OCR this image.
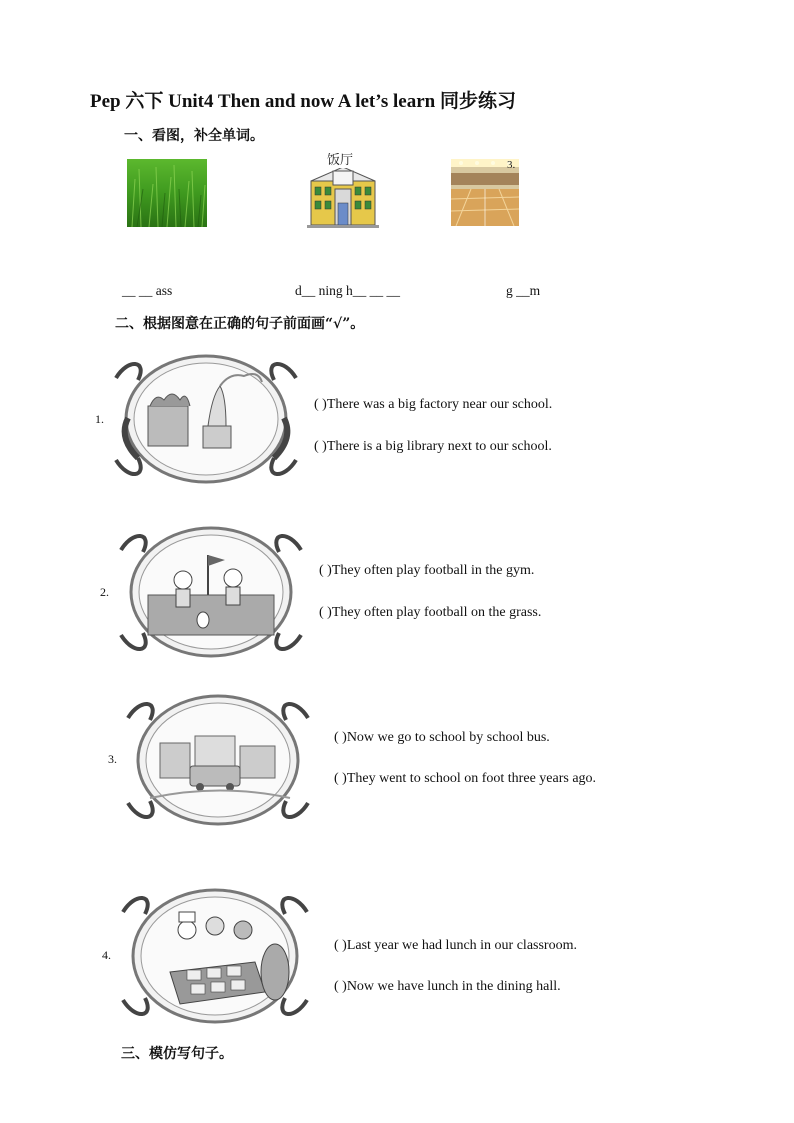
Pep 六下 Unit4 Then and now A let’s learn 同步练习
一、看图，补全单词。
饭厅	3.
__ __ ass	d__ ning h__ __ __	g __m
二、根据图意在正确的句子前面画“√”。
1.
( )There was a big factory near our school.
( )There is a big library next to our school.
2.
( )They often play football in the gym.
( )They often play football on the grass.
3.
( )Now we go to school by school bus.
( )They went to school on foot three years ago.
4.
( )Last year we had lunch in our classroom.
( )Now we have lunch in the dining hall.
三、模仿写句子。
